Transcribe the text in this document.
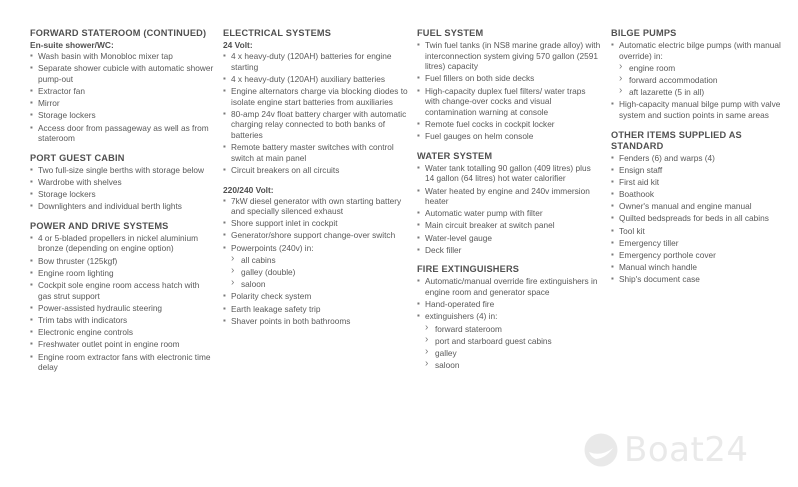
FORWARD STATEROOM (CONTINUED)
En-suite shower/WC:
▪ Wash basin with Monobloc mixer tap
▪ Separate shower cubicle with automatic shower pump-out
▪ Extractor fan
▪ Mirror
▪ Storage lockers
▪ Access door from passageway as well as from stateroom
PORT GUEST CABIN
▪ Two full-size single berths with storage below
▪ Wardrobe with shelves
▪ Storage lockers
▪ Downlighters and individual berth lights
POWER AND DRIVE SYSTEMS
▪ 4 or 5-bladed propellers in nickel aluminium bronze (depending on engine option)
▪ Bow thruster (125kgf)
▪ Engine room lighting
▪ Cockpit sole engine room access hatch with gas strut support
▪ Power-assisted hydraulic steering
▪ Trim tabs with indicators
▪ Electronic engine controls
▪ Freshwater outlet point in engine room
▪ Engine room extractor fans with electronic time delay
ELECTRICAL SYSTEMS
24 Volt:
▪ 4 x heavy-duty (120AH) batteries for engine starting
▪ 4 x heavy-duty (120AH) auxiliary batteries
▪ Engine alternators charge via blocking diodes to isolate engine start batteries from auxiliaries
▪ 80-amp 24v float battery charger with automatic charging relay connected to both banks of batteries
▪ Remote battery master switches with control switch at main panel
▪ Circuit breakers on all circuits
220/240 Volt:
▪ 7kW diesel generator with own starting battery and specially silenced exhaust
▪ Shore support inlet in cockpit
▪ Generator/shore support change-over switch
▪ Powerpoints (240v) in:
› all cabins
› galley (double)
› saloon
▪ Polarity check system
▪ Earth leakage safety trip
▪ Shaver points in both bathrooms
FUEL SYSTEM
▪ Twin fuel tanks (in NS8 marine grade alloy) with interconnection system giving 570 gallon (2591 litres) capacity
▪ Fuel fillers on both side decks
▪ High-capacity duplex fuel filters/ water traps with change-over cocks and visual contamination warning at console
▪ Remote fuel cocks in cockpit locker
▪ Fuel gauges on helm console
WATER SYSTEM
▪ Water tank totalling 90 gallon (409 litres) plus 14 gallon (64 litres) hot water calorifier
▪ Water heated by engine and 240v immersion heater
▪ Automatic water pump with filter
▪ Main circuit breaker at switch panel
▪ Water-level gauge
▪ Deck filler
FIRE EXTINGUISHERS
▪ Automatic/manual override fire extinguishers in engine room and generator space
▪ Hand-operated fire
▪ extinguishers (4) in:
› forward stateroom
› port and starboard guest cabins
› galley
› saloon
BILGE PUMPS
▪ Automatic electric bilge pumps (with manual override) in:
› engine room
› forward accommodation
› aft lazarette (5 in all)
▪ High-capacity manual bilge pump with valve system and suction points in same areas
OTHER ITEMS SUPPLIED AS STANDARD
▪ Fenders (6) and warps (4)
▪ Ensign staff
▪ First aid kit
▪ Boathook
▪ Owner's manual and engine manual
▪ Quilted bedspreads for beds in all cabins
▪ Tool kit
▪ Emergency tiller
▪ Emergency porthole cover
▪ Manual winch handle
▪ Ship's document case
Boat24
